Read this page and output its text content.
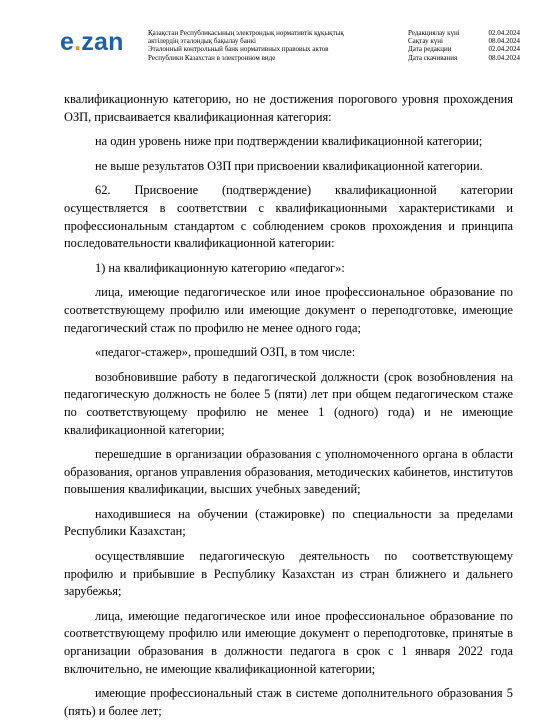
e.zan	Қазақстан Республикасының электрондық нормативтік құқықтық
актілердің эталондық бақылау банкі
Эталонный контрольный банк нормативных правовых актов
Республики Казахстан в электронном виде
Редакциялау күні	02.04.2024
Сақтау күні	08.04.2024
Дата редакции	02.04.2024
Дата скачивания	08.04.2024

квалификационную категорию, но не достижения порогового уровня прохождения ОЗП, присваивается квалификационная категория:

на один уровень ниже при подтверждении квалификационной категории;

не выше результатов ОЗП при присвоении квалификационной категории.

62. Присвоение (подтверждение) квалификационной категории осуществляется в соответствии с квалификационными характеристиками и профессиональным стандартом с соблюдением сроков прохождения и принципа последовательности квалификационной категории:

1) на квалификационную категорию «педагог»:

лица, имеющие педагогическое или иное профессиональное образование по соответствующему профилю или имеющие документ о переподготовке, имеющие педагогический стаж по профилю не менее одного года;

«педагог-стажер», прошедший ОЗП, в том числе:

возобновившие работу в педагогической должности (срок возобновления на педагогическую должность не более 5 (пяти) лет при общем педагогическом стаже по соответствующему профилю не менее 1 (одного) года) и не имеющие квалификационной категории;

перешедшие в организации образования с уполномоченного органа в области образования, органов управления образования, методических кабинетов, институтов повышения квалификации, высших учебных заведений;

находившиеся на обучении (стажировке) по специальности за пределами Республики Казахстан;

осуществлявшие педагогическую деятельность по соответствующему профилю и прибывшие в Республику Казахстан из стран ближнего и дальнего зарубежья;

лица, имеющие педагогическое или иное профессиональное образование по соответствующему профилю или имеющие документ о переподготовке, принятые в организации образования в должности педагога в срок с 1 января 2022 года включительно, не имеющие квалификационной категории;

имеющие профессиональный стаж в системе дополнительного образования 5 (пять) и более лет;
